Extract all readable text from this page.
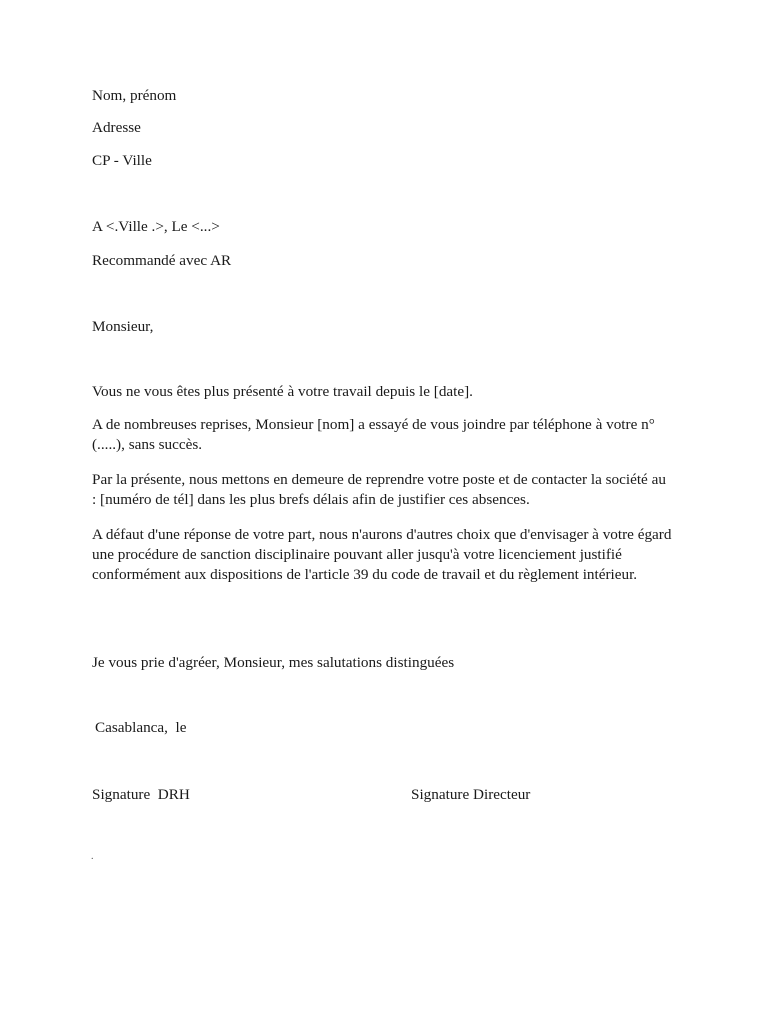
Nom, prénom

Adresse

CP - Ville

A <.Ville .>, Le <...>

Recommandé avec AR

Monsieur,

Vous ne vous êtes plus présenté à votre travail depuis le [date].

A de nombreuses reprises, Monsieur [nom] a essayé de vous joindre par téléphone à votre n° (.....), sans succès.

Par la présente, nous mettons en demeure de reprendre votre poste et de contacter la société au : [numéro de tél] dans les plus brefs délais afin de justifier ces absences.

A défaut d'une réponse de votre part, nous n'aurons d'autres choix que d'envisager à votre égard une procédure de sanction disciplinaire pouvant aller jusqu'à votre licenciement justifié conformément aux dispositions de l'article 39 du code de travail et du règlement intérieur.

Je vous prie d'agréer, Monsieur, mes salutations distinguées

Casablanca,  le

Signature  DRH	Signature Directeur

.
